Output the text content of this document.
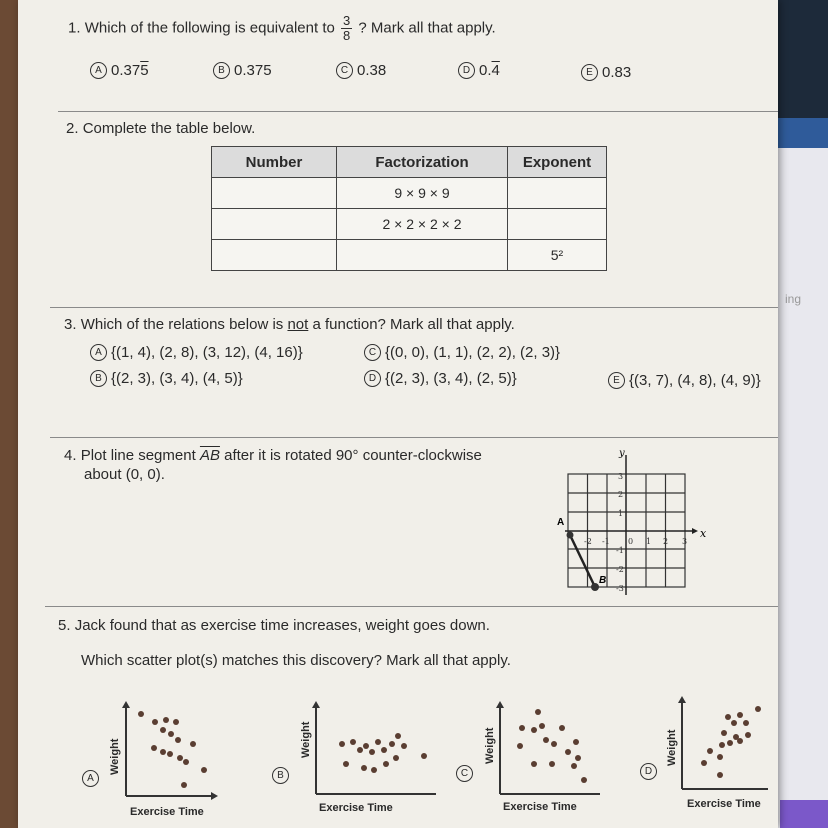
ing
1. Which of the following is equivalent to $\frac{3}{8}$ ? Mark all that apply.
A 0.375	B 0.375	C 0.38	D 0.4	E 0.83
2. Complete the table below.
Number	Factorization	Exponent
	9 × 9 × 9	
	2 × 2 × 2 × 2	
		5²
3. Which of the relations below is not a function? Mark all that apply.
A {(1, 4), (2, 8), (3, 12), (4, 16)}
B {(2, 3), (3, 4), (4, 5)}
C {(0, 0), (1, 1), (2, 2), (2, 3)}
D {(2, 3), (3, 4), (2, 5)}	E {(3, 7), (4, 8), (4, 9)}
4. Plot line segment $\overline{AB}$ after it is rotated 90° counter-clockwise
about (0, 0).
y
x
-2 -1 0 1 2 3
3
2
1
-1
-2
-3
A
B
5. Jack found that as exercise time increases, weight goes down.
Which scatter plot(s) matches this discovery? Mark all that apply.
A
Weight
Exercise Time
B
Weight
Exercise Time
C
Weight
Exercise Time
D
Weight
Exercise Time
